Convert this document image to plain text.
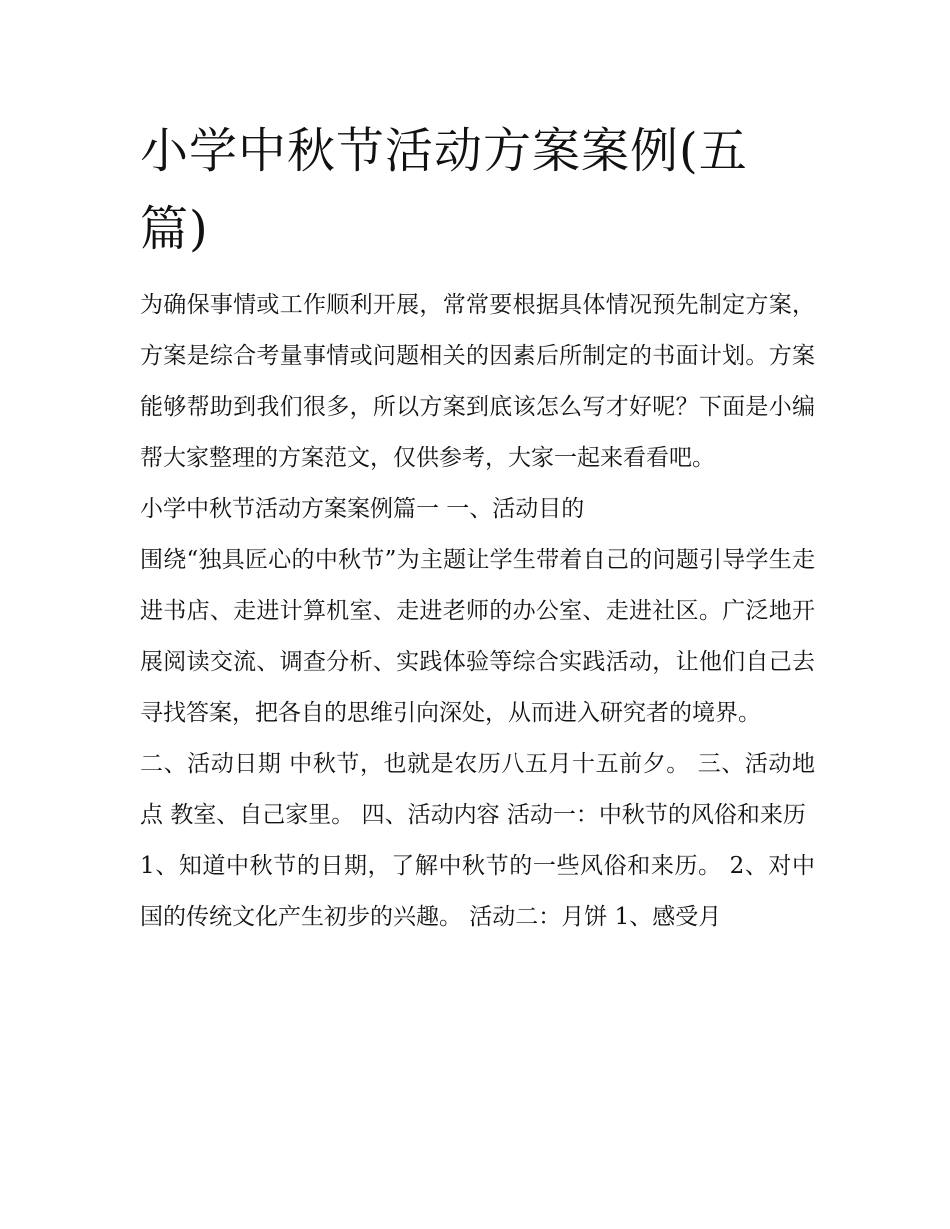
小学中秋节活动方案案例(五篇)

为确保事情或工作顺利开展，常常要根据具体情况预先制定方案，方案是综合考量事情或问题相关的因素后所制定的书面计划。方案能够帮助到我们很多，所以方案到底该怎么写才好呢？下面是小编帮大家整理的方案范文，仅供参考，大家一起来看看吧。

小学中秋节活动方案案例篇一 一、活动目的

围绕“独具匠心的中秋节”为主题让学生带着自己的问题引导学生走进书店、走进计算机室、走进老师的办公室、走进社区。广泛地开展阅读交流、调查分析、实践体验等综合实践活动，让他们自己去寻找答案，把各自的思维引向深处，从而进入研究者的境界。

二、活动日期 中秋节，也就是农历八五月十五前夕。 三、活动地点 教室、自己家里。 四、活动内容 活动一：中秋节的风俗和来历

1、知道中秋节的日期，了解中秋节的一些风俗和来历。 2、对中国的传统文化产生初步的兴趣。 活动二：月饼 1、感受月
